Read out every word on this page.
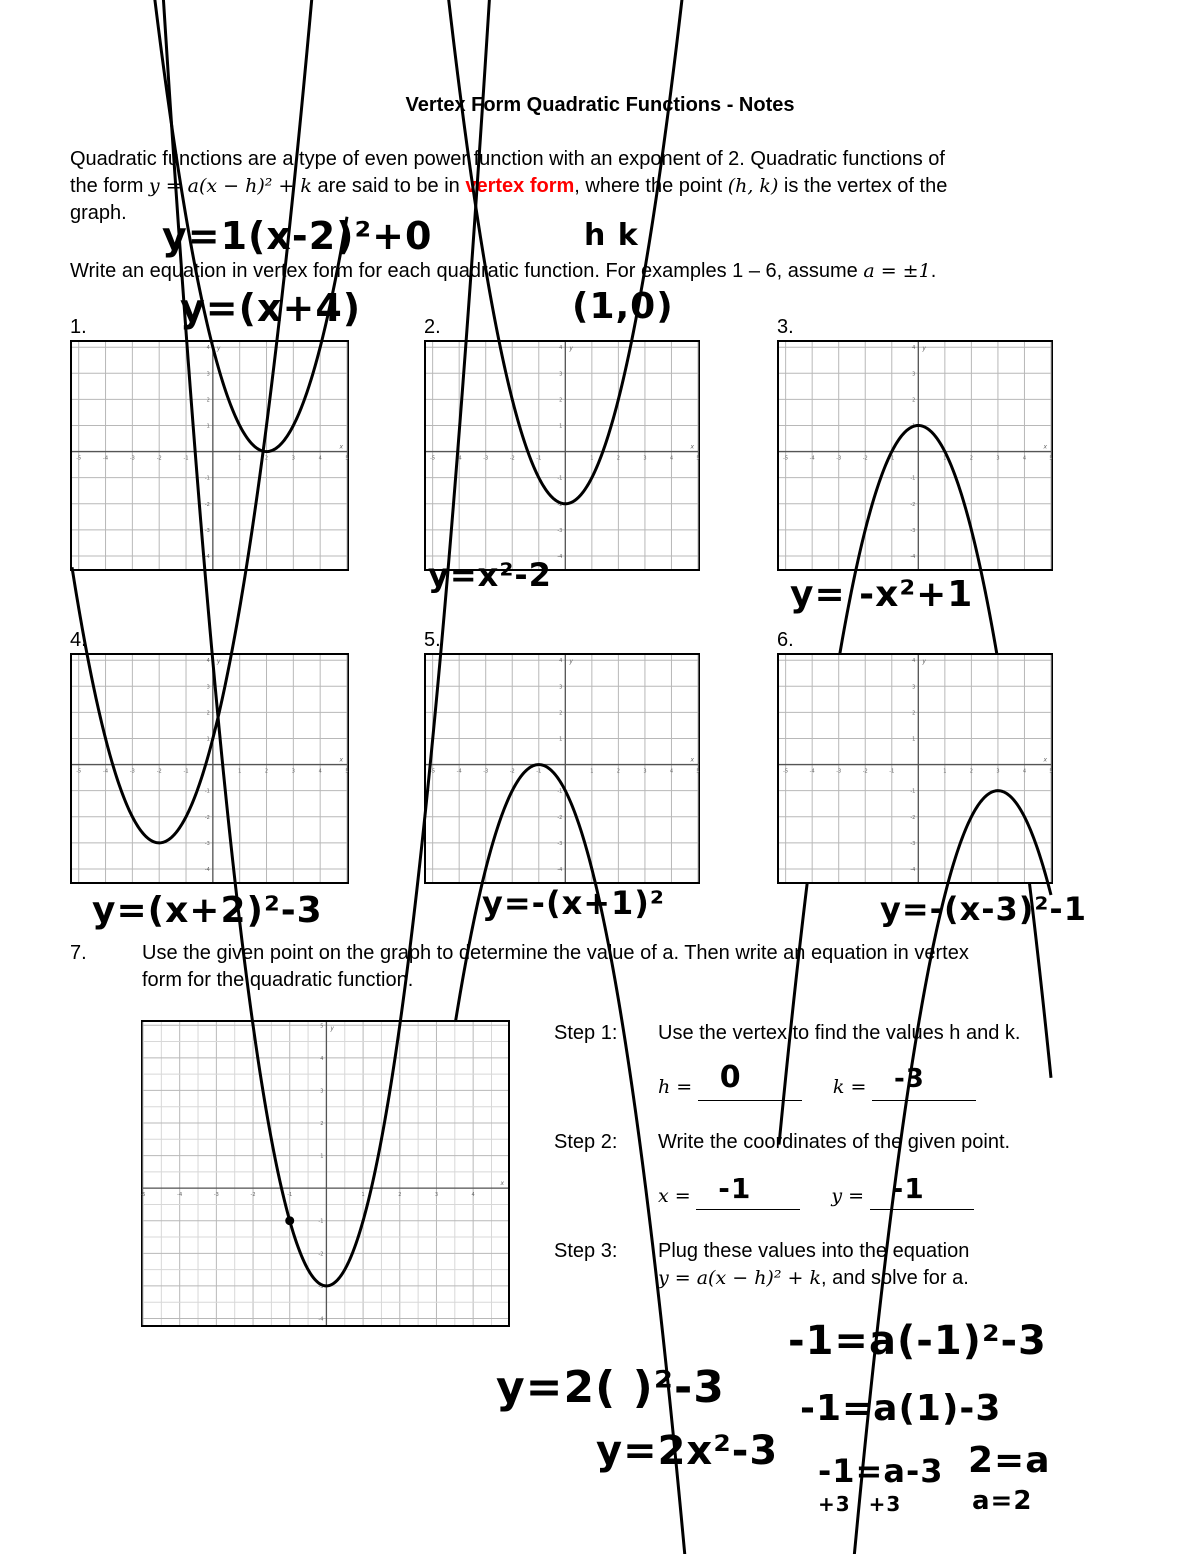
Vertex Form Quadratic Functions - Notes
Quadratic functions are a type of even power function with an exponent of 2. Quadratic functions of
the form y = a(x − h)² + k are said to be in vertex form, where the point (h, k) is the vertex of the
graph.
Write an equation in vertex form for each quadratic function. For examples 1 – 6, assume a = ±1.
y=1(x-2)²+0
y=(x+4)
h k
(1,0)
1.	2.	3.
4.	5.	6.
-5	-4	-3	-2	-1	1	2	3	4	5
-4
-3
-2
-1
1
2
3
4
x
y
-5	-4	-3	-2	-1	1	2	3	4	5
-4
-3
-2
-1
1
2
3
4
x
y
-5	-4	-3	-2	-1	1	2	3	4	5
-4
-3
-2
-1
1
2
3
4
x
y
-5	-4	-3	-2	-1	1	2	3	4	5
-4
-3
-2
-1
1
2
3
4
x
y
-5	-4	-3	-2	-1	1	2	3	4	5
-4
-3
-2
-1
1
2
3
4
x
y
-5	-4	-3	-2	-1	1	2	3	4	5
-4
-3
-2
-1
1
2
3
4
x
y
y=x²-2	y= -x²+1
y=(x+2)²-3	y=-(x+1)²	y=-(x-3)²-1
7.	Use the given point on the graph to determine the value of a. Then write an equation in vertex
form for the quadratic function.
-5	-4	-3	-2	-1	1	2	3	4
-4
-3
-2
-1
1
2
3
4
5
x
y	Step 1: Use the vertex to find the values h and k.
h = 0	k = -3
Step 2: Write the coordinates of the given point.
x = -1	y = -1
Step 3: Plug these values into the equation
y = a(x − h)² + k, and solve for a.
y=2( )²-3
y=2x²-3
-1=a(-1)²-3
-1=a(1)-3
-1=a-3
+3 +3
2=a
a=2
